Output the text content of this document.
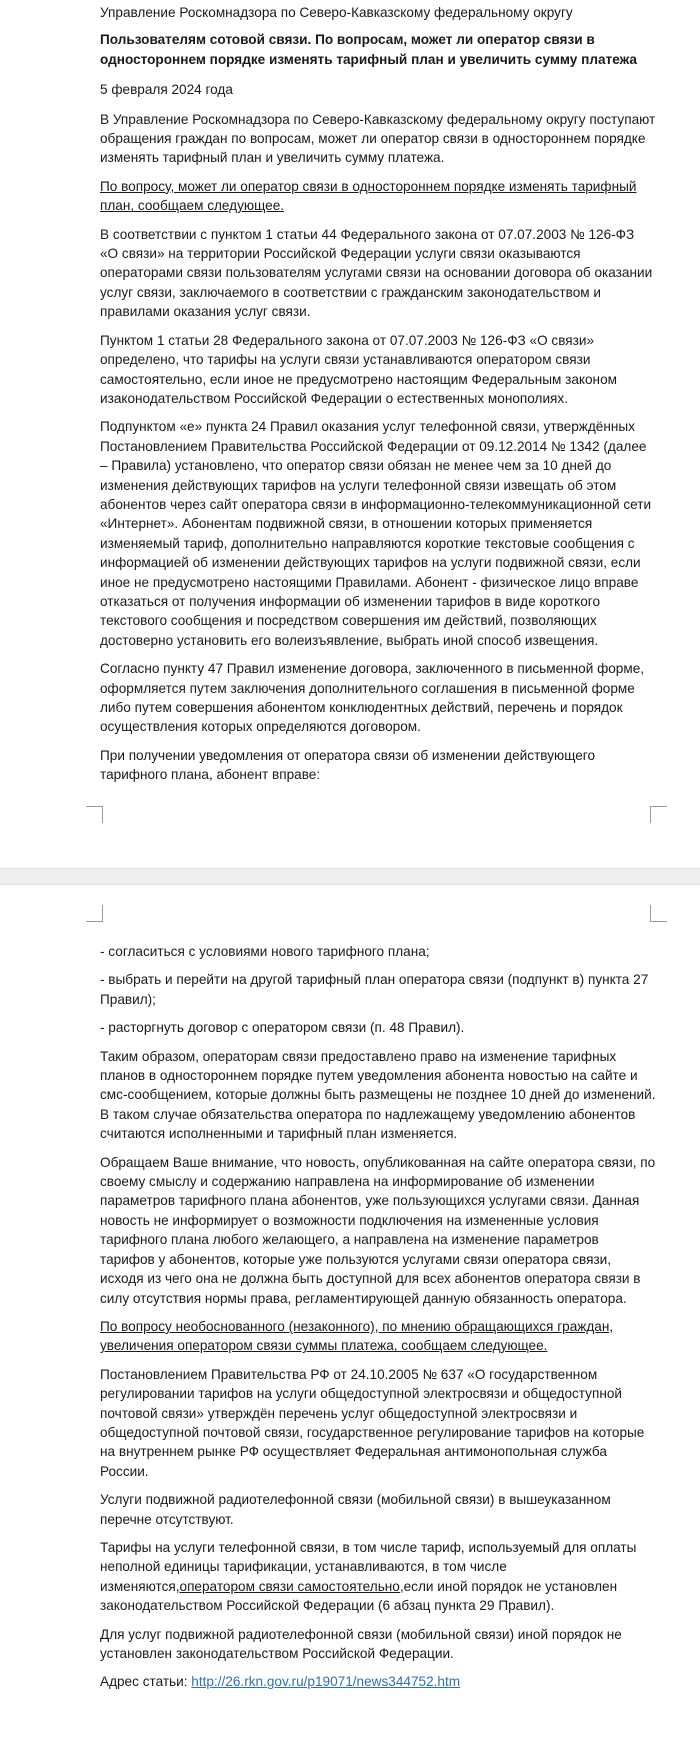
Управление Роскомнадзора по Северо-Кавказскому федеральному округу

Пользователям сотовой связи. По вопросам, может ли оператор связи в одностороннем порядке изменять тарифный план и увеличить сумму платежа

5 февраля 2024 года

В Управление Роскомнадзора по Северо-Кавказскому федеральному округу поступают обращения граждан по вопросам, может ли оператор связи в одностороннем порядке изменять тарифный план и увеличить сумму платежа.

По вопросу, может ли оператор связи в одностороннем порядке изменять тарифный план, сообщаем следующее.

В соответствии с пунктом 1 статьи 44 Федерального закона от 07.07.2003 № 126-ФЗ «О связи» на территории Российской Федерации услуги связи оказываются операторами связи пользователям услугами связи на основании договора об оказании услуг связи, заключаемого в соответствии с гражданским законодательством и правилами оказания услуг связи.

Пунктом 1 статьи 28 Федерального закона от 07.07.2003 № 126-ФЗ «О связи» определено, что тарифы на услуги связи устанавливаются оператором связи самостоятельно, если иное не предусмотрено настоящим Федеральным законом изаконодательством Российской Федерации о естественных монополиях.

Подпунктом «е» пункта 24 Правил оказания услуг телефонной связи, утверждённых Постановлением Правительства Российской Федерации от 09.12.2014 № 1342 (далее – Правила) установлено, что оператор связи обязан не менее чем за 10 дней до изменения действующих тарифов на услуги телефонной связи извещать об этом абонентов через сайт оператора связи в информационно-телекоммуникационной сети «Интернет». Абонентам подвижной связи, в отношении которых применяется изменяемый тариф, дополнительно направляются короткие текстовые сообщения с информацией об изменении действующих тарифов на услуги подвижной связи, если иное не предусмотрено настоящими Правилами. Абонент - физическое лицо вправе отказаться от получения информации об изменении тарифов в виде короткого текстового сообщения и посредством совершения им действий, позволяющих достоверно установить его волеизъявление, выбрать иной способ извещения.

Согласно пункту 47 Правил изменение договора, заключенного в письменной форме, оформляется путем заключения дополнительного соглашения в письменной форме либо путем совершения абонентом конклюдентных действий, перечень и порядок осуществления которых определяются договором.

При получении уведомления от оператора связи об изменении действующего тарифного плана, абонент вправе:

- согласиться с условиями нового тарифного плана;

- выбрать и перейти на другой тарифный план оператора связи (подпункт в) пункта 27 Правил);

- расторгнуть договор с оператором связи (п. 48 Правил).

Таким образом, операторам связи предоставлено право на изменение тарифных планов в одностороннем порядке путем уведомления абонента новостью на сайте и смс-сообщением, которые должны быть размещены не позднее 10 дней до изменений. В таком случае обязательства оператора по надлежащему уведомлению абонентов считаются исполненными и тарифный план изменяется.

Обращаем Ваше внимание, что новость, опубликованная на сайте оператора связи, по своему смыслу и содержанию направлена на информирование об изменении параметров тарифного плана абонентов, уже пользующихся услугами связи. Данная новость не информирует о возможности подключения на измененные условия тарифного плана любого желающего, а направлена на изменение параметров тарифов у абонентов, которые уже пользуются услугами связи оператора связи, исходя из чего она не должна быть доступной для всех абонентов оператора связи в силу отсутствия нормы права, регламентирующей данную обязанность оператора.

По вопросу необоснованного (незаконного), по мнению обращающихся граждан, увеличения оператором связи суммы платежа, сообщаем следующее.

Постановлением Правительства РФ от 24.10.2005 № 637 «О государственном регулировании тарифов на услуги общедоступной электросвязи и общедоступной почтовой связи» утверждён перечень услуг общедоступной электросвязи и общедоступной почтовой связи, государственное регулирование тарифов на которые на внутреннем рынке РФ осуществляет Федеральная антимонопольная служба России.

Услуги подвижной радиотелефонной связи (мобильной связи) в вышеуказанном перечне отсутствуют.

Тарифы на услуги телефонной связи, в том числе тариф, используемый для оплаты неполной единицы тарификации, устанавливаются, в том числе изменяются,оператором связи самостоятельно,если иной порядок не установлен законодательством Российской Федерации (6 абзац пункта 29 Правил).

Для услуг подвижной радиотелефонной связи (мобильной связи) иной порядок не установлен законодательством Российской Федерации.

Адрес статьи: http://26.rkn.gov.ru/p19071/news344752.htm
